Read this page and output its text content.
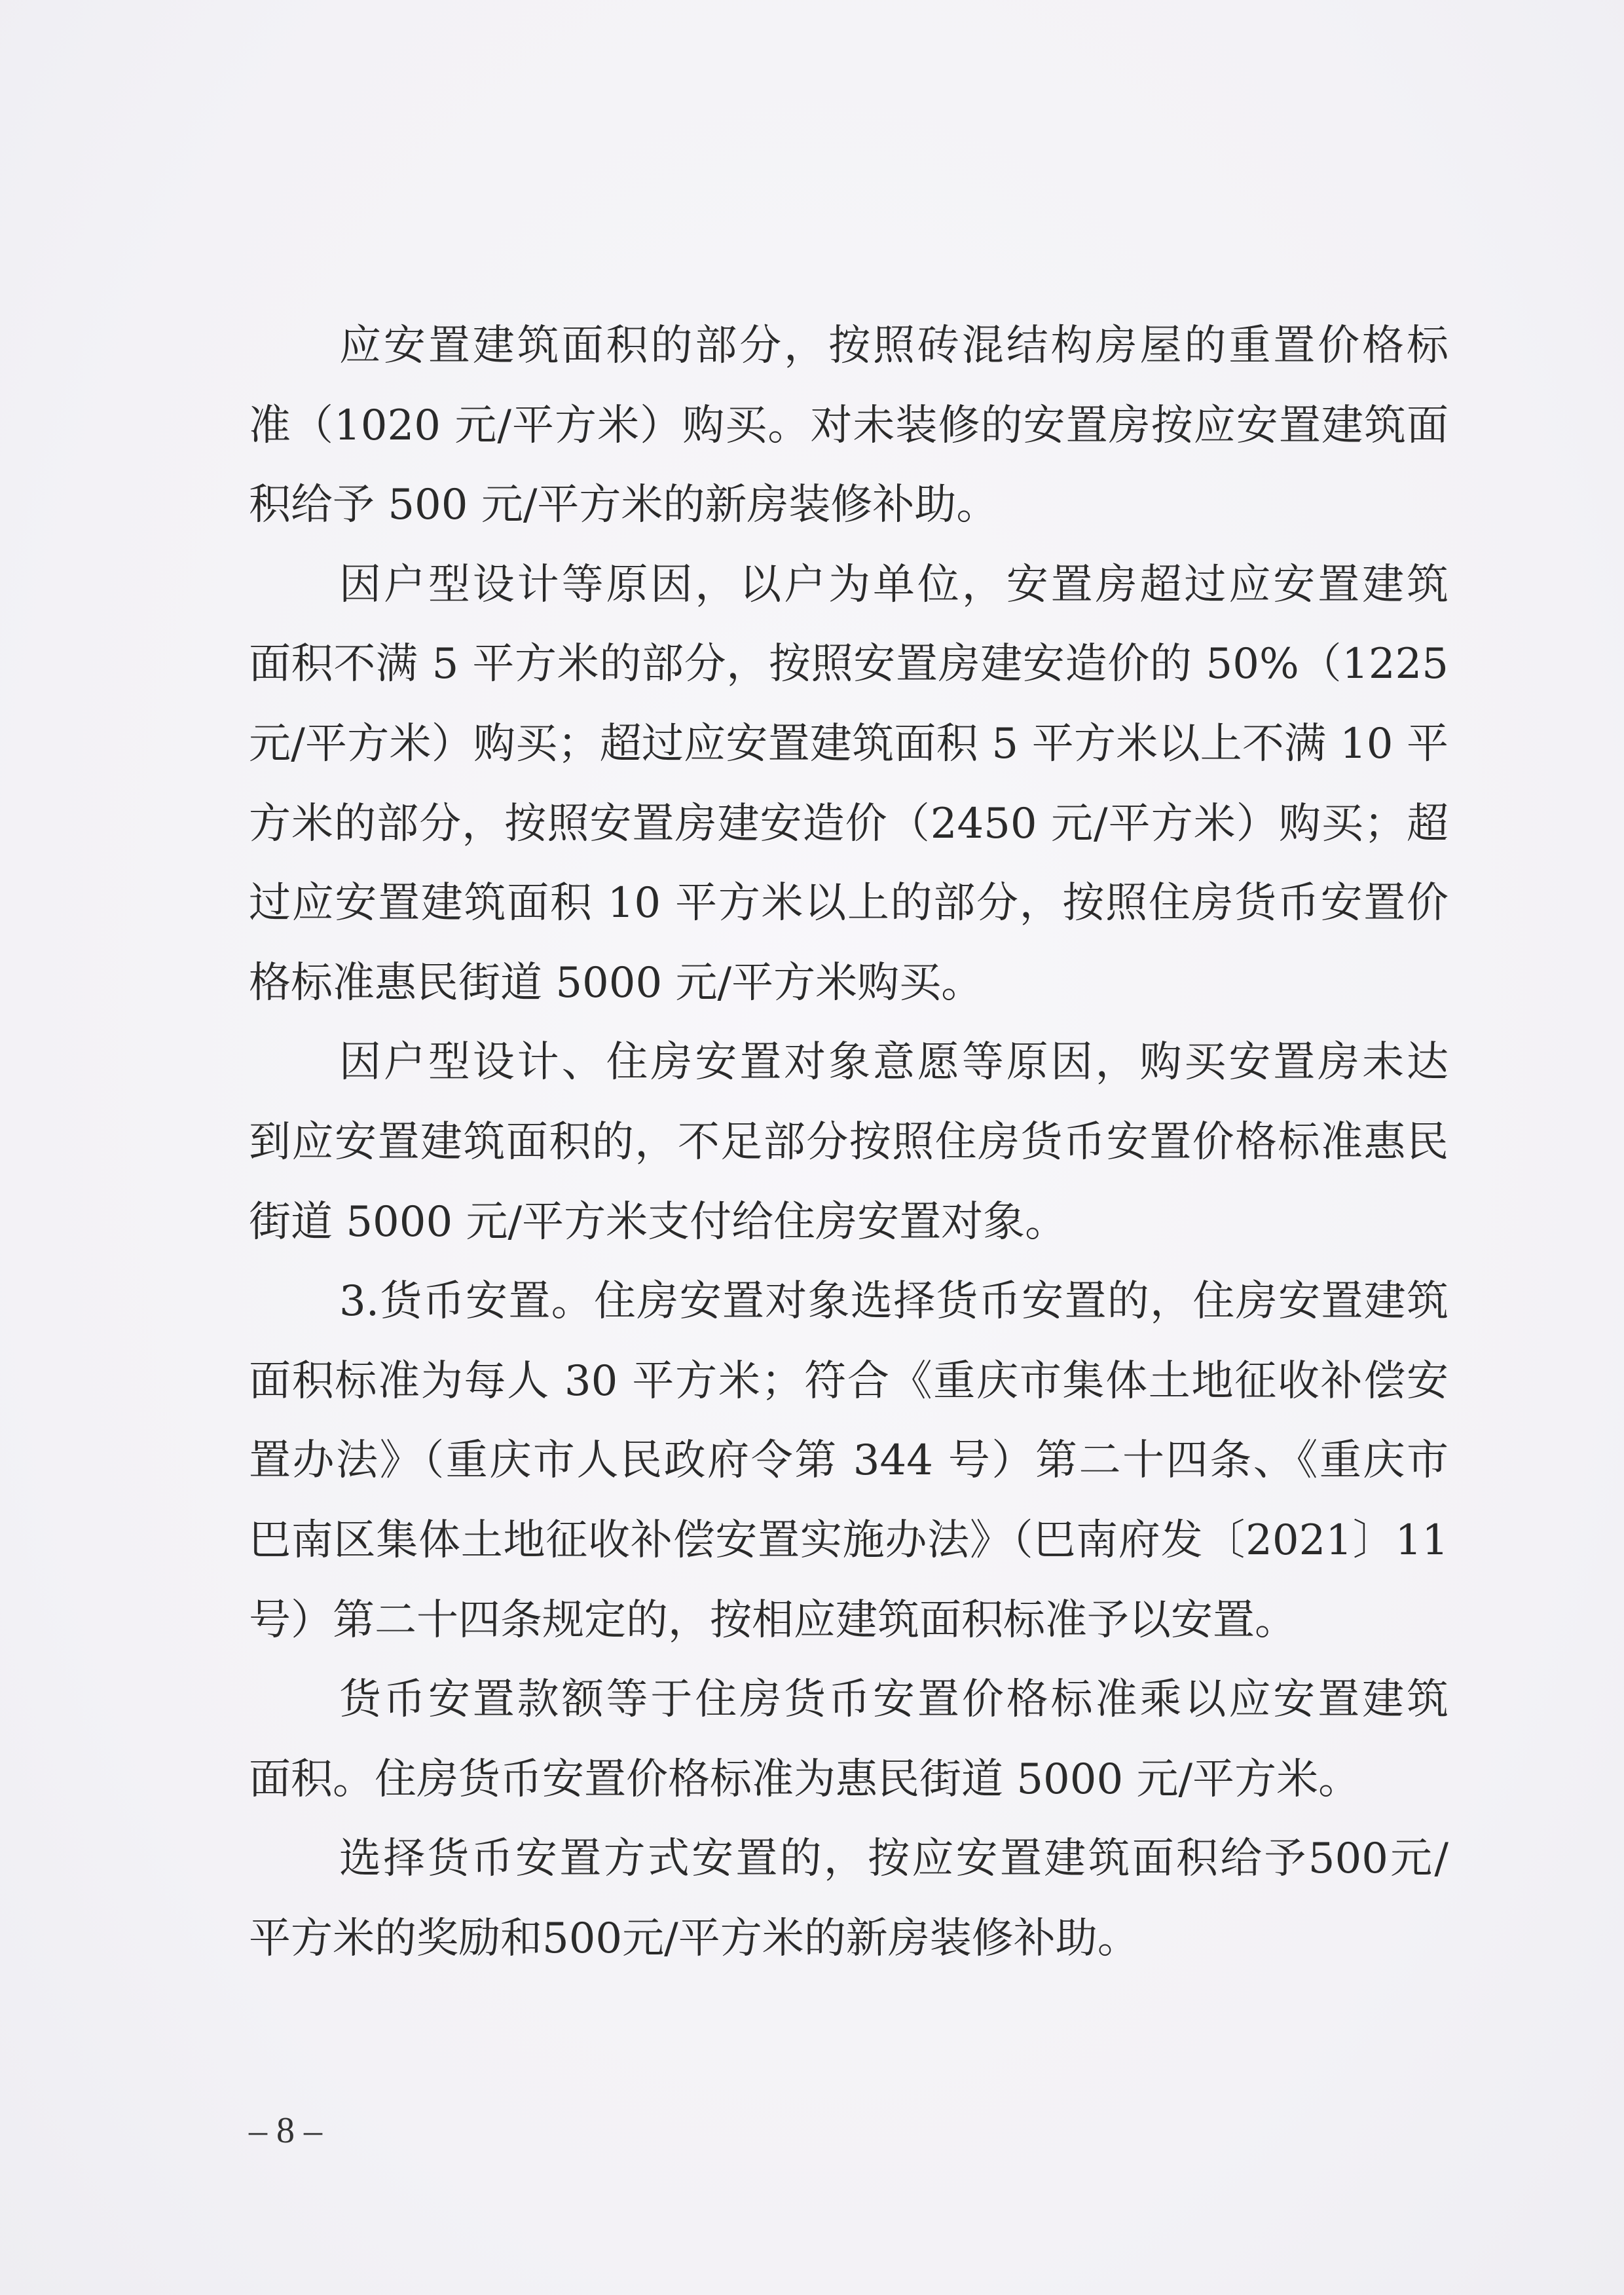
应安置建筑面积的部分，按照砖混结构房屋的重置价格标
准（1020 元/平方米）购买。对未装修的安置房按应安置建筑面
积给予 500 元/平方米的新房装修补助。
因户型设计等原因，以户为单位，安置房超过应安置建筑
面积不满 5 平方米的部分，按照安置房建安造价的 50%（1225
元/平方米）购买；超过应安置建筑面积 5 平方米以上不满 10 平
方米的部分，按照安置房建安造价（2450 元/平方米）购买；超
过应安置建筑面积 10 平方米以上的部分，按照住房货币安置价
格标准惠民街道 5000 元/平方米购买。
因户型设计、住房安置对象意愿等原因，购买安置房未达
到应安置建筑面积的，不足部分按照住房货币安置价格标准惠民
街道 5000 元/平方米支付给住房安置对象。
3.货币安置。住房安置对象选择货币安置的，住房安置建筑
面积标准为每人 30 平方米；符合《重庆市集体土地征收补偿安
置办法》（重庆市人民政府令第 344 号）第二十四条、《重庆市
巴南区集体土地征收补偿安置实施办法》（巴南府发〔2021〕11
号）第二十四条规定的，按相应建筑面积标准予以安置。
货币安置款额等于住房货币安置价格标准乘以应安置建筑
面积。住房货币安置价格标准为惠民街道 5000 元/平方米。
选择货币安置方式安置的，按应安置建筑面积给予500元/
平方米的奖励和500元/平方米的新房装修补助。
– 8 –
